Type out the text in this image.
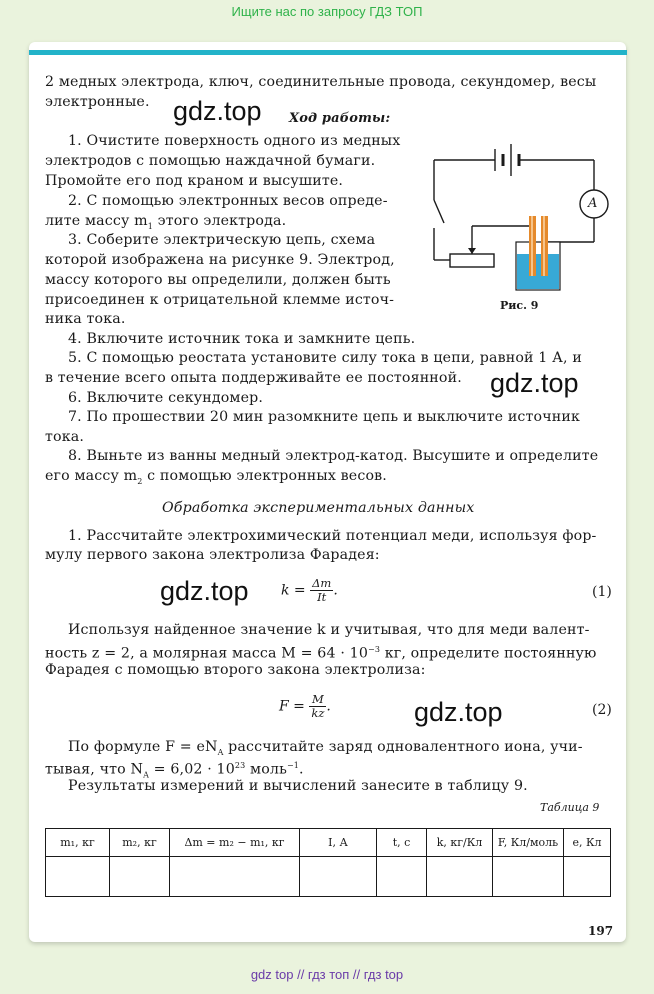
Ищите нас по запросу ГДЗ ТОП
2 медных электрода, ключ, соединительные провода, секундомер, весы
электронные. gdz.top Ход работы:
1. Очистите поверхность одного из медных
электродов с помощью наждачной бумаги.
Промойте его под краном и высушите.
2. С помощью электронных весов опреде-
лите массу $m_1$ этого электрода.
3. Соберите электрическую цепь, схема
которой изображена на рисунке 9. Электрод,
массу которого вы определили, должен быть
присоединен к отрицательной клемме источ-
ника тока.
4. Включите источник тока и замкните цепь.
5. С помощью реостата установите силу тока в цепи, равной 1 А, и
в течение всего опыта поддерживайте ее постоянной. gdz.top
6. Включите секундомер.
7. По прошествии 20 мин разомкните цепь и выключите источник
тока.
8. Выньте из ванны медный электрод-катод. Высушите и определите
его массу $m_2$ с помощью электронных весов.
A
Рис. 9
Обработка экспериментальных данных
1. Рассчитайте электрохимический потенциал меди, используя фор-
мулу первого закона электролиза Фарадея:
gdz.top $k = \frac{\Delta m}{It}$ .	(1)
Используя найденное значение k и учитывая, что для меди валент-
ность z = 2, а молярная масса $M = 64 \cdot 10^{-3}$ кг, определите постоянную
Фарадея с помощью второго закона электролиза:
$F = \frac{M}{kz}$ .	gdz.top	(2)
По формуле $F = eN_A$ рассчитайте заряд одновалентного иона, учи-
тывая, что $N_A = 6,02 \cdot 10^{23}$ моль$^{-1}$.
Результаты измерений и вычислений занесите в таблицу 9.
Таблица 9
m₁, кг	m₂, кг	Δm = m₂ − m₁, кг	I, А	t, с	k, кг/Кл	F, Кл/моль	e, Кл

197
gdz top // гдз топ // гдз top
